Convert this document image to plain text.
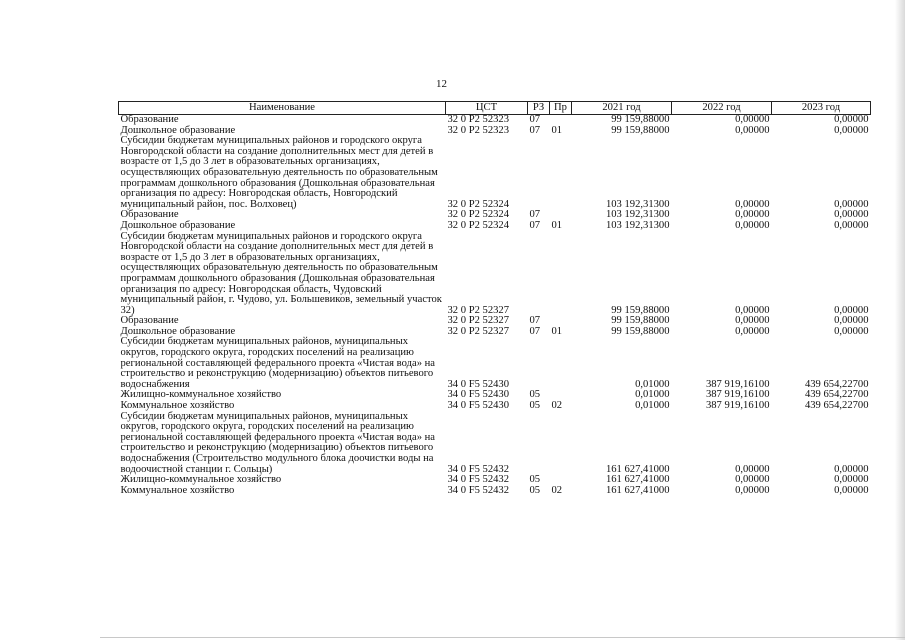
12
Наименование	ЦСТ	РЗ	Пр	2021 год	2022 год	2023 год
Образование	32 0 Р2 52323	07		99 159,88000	0,00000	0,00000
Дошкольное образование	32 0 Р2 52323	07	01	99 159,88000	0,00000	0,00000
Субсидии бюджетам муниципальных районов и городского округа Новгородской области на создание дополнительных мест для детей в возрасте от 1,5 до 3 лет в образовательных организациях, осуществляющих образовательную деятельность по образовательным программам дошкольного образования (Дошкольная образовательная организация по адресу: Новгородская область, Новгородский муниципальный район, пос. Волховец)	32 0 Р2 52324			103 192,31300	0,00000	0,00000
Образование	32 0 Р2 52324	07		103 192,31300	0,00000	0,00000
Дошкольное образование	32 0 Р2 52324	07	01	103 192,31300	0,00000	0,00000
Субсидии бюджетам муниципальных районов и городского округа Новгородской области на создание дополнительных мест для детей в возрасте от 1,5 до 3 лет в образовательных организациях, осуществляющих образовательную деятельность по образовательным программам дошкольного образования (Дошкольная образовательная организация по адресу: Новгородская область, Чудовский муниципальный район, г. Чудово, ул. Большевиков, земельный участок 32)	32 0 Р2 52327			99 159,88000	0,00000	0,00000
Образование	32 0 Р2 52327	07		99 159,88000	0,00000	0,00000
Дошкольное образование	32 0 Р2 52327	07	01	99 159,88000	0,00000	0,00000
Субсидии бюджетам муниципальных районов, муниципальных округов, городского округа, городских поселений на реализацию региональной составляющей федерального проекта «Чистая вода» на строительство и реконструкцию (модернизацию) объектов питьевого водоснабжения	34 0 F5 52430			0,01000	387 919,16100	439 654,22700
Жилищно-коммунальное хозяйство	34 0 F5 52430	05		0,01000	387 919,16100	439 654,22700
Коммунальное хозяйство	34 0 F5 52430	05	02	0,01000	387 919,16100	439 654,22700
Субсидии бюджетам муниципальных районов, муниципальных округов, городского округа, городских поселений на реализацию региональной составляющей федерального проекта «Чистая вода» на строительство и реконструкцию (модернизацию) объектов питьевого водоснабжения (Строительство модульного блока доочистки воды на водоочистной станции г. Сольцы)	34 0 F5 52432			161 627,41000	0,00000	0,00000
Жилищно-коммунальное хозяйство	34 0 F5 52432	05		161 627,41000	0,00000	0,00000
Коммунальное хозяйство	34 0 F5 52432	05	02	161 627,41000	0,00000	0,00000
